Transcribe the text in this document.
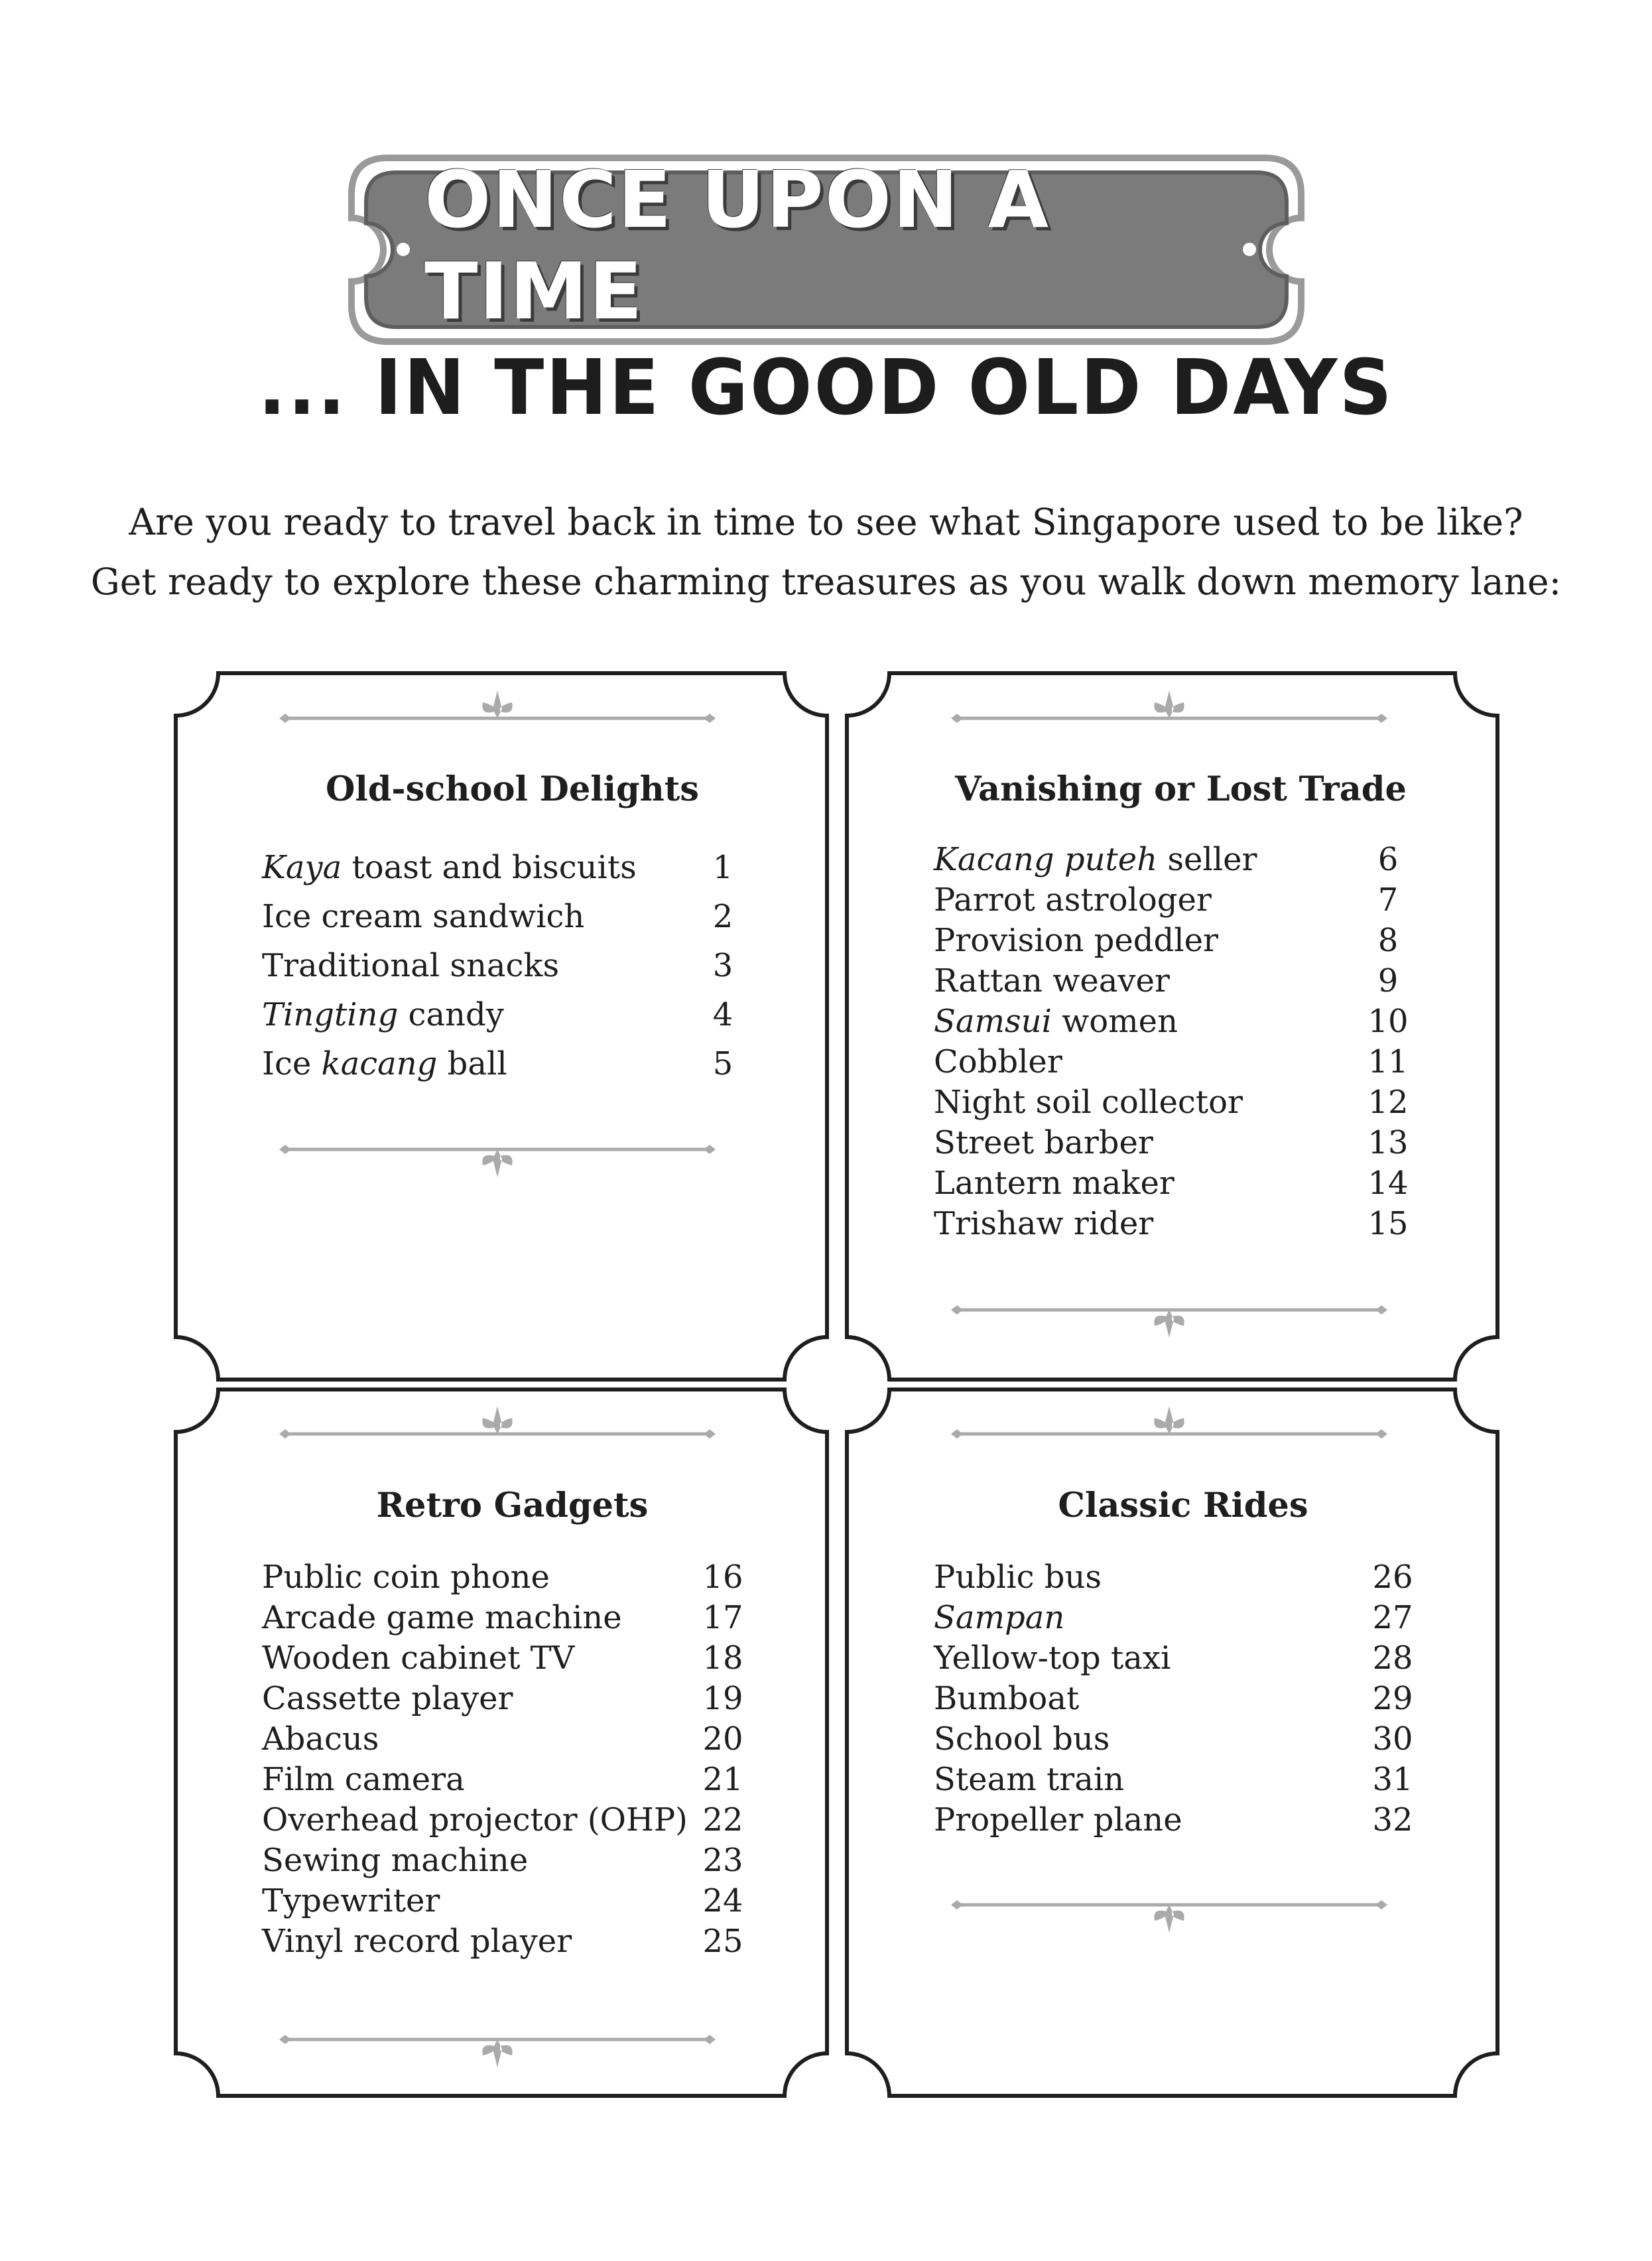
ONCE UPON A TIME
... IN THE GOOD OLD DAYS

Are you ready to travel back in time to see what Singapore used to be like?

Get ready to explore these charming treasures as you walk down memory lane:

Old-school Delights
Kaya toast and biscuits	1
Ice cream sandwich	2
Traditional snacks	3
Tingting candy	4
Ice kacang ball	5
Vanishing or Lost Trade
Kacang puteh seller	6
Parrot astrologer	7
Provision peddler	8
Rattan weaver	9
Samsui women	10
Cobbler	11
Night soil collector	12
Street barber	13
Lantern maker	14
Trishaw rider	15
Retro Gadgets
Public coin phone	16
Arcade game machine	17
Wooden cabinet TV	18
Cassette player	19
Abacus	20
Film camera	21
Overhead projector (OHP) 22
Sewing machine	23
Typewriter	24
Vinyl record player	25
Classic Rides
Public bus	26
Sampan	27
Yellow-top taxi	28
Bumboat	29
School bus	30
Steam train	31
Propeller plane	32
